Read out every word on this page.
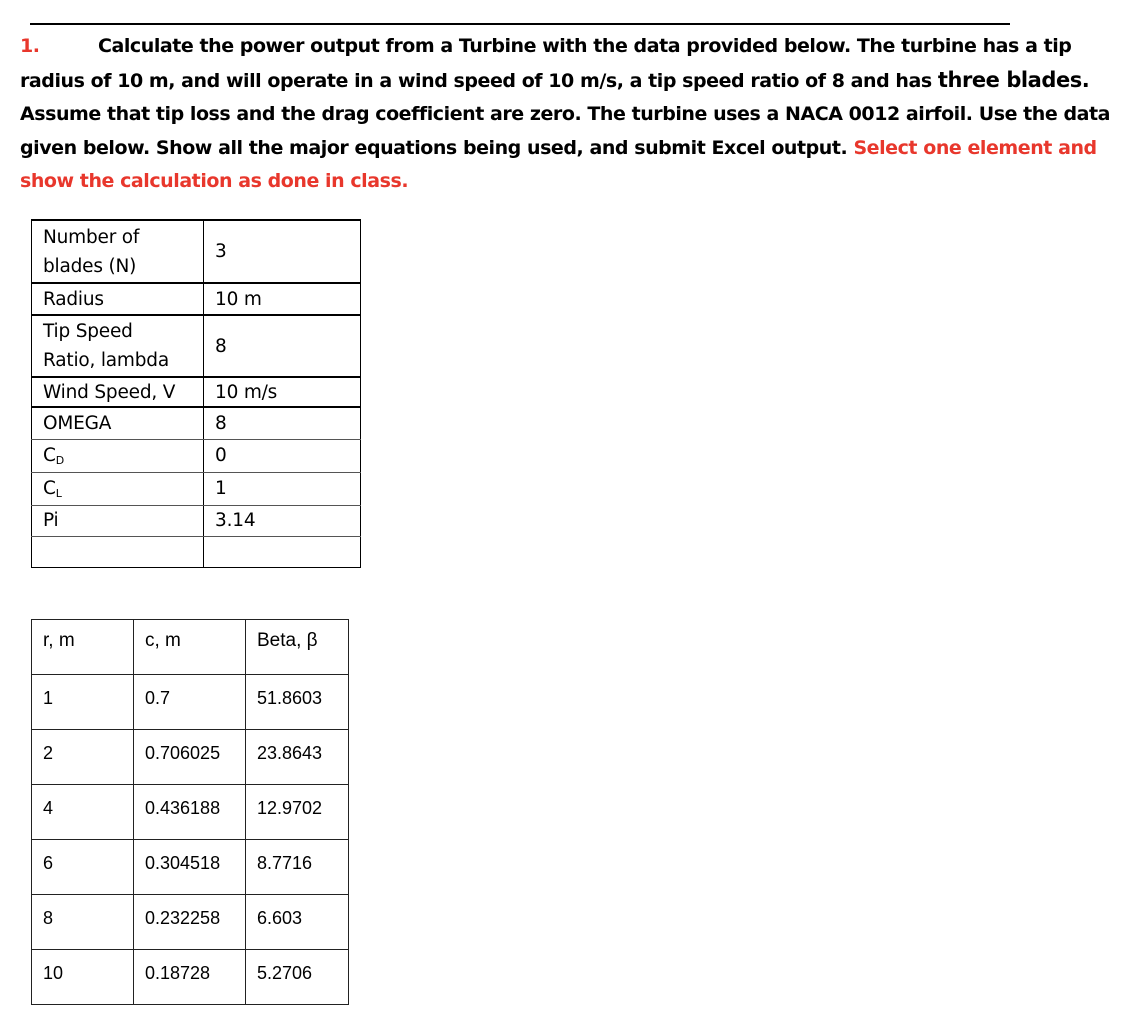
1.	Calculate the power output from a Turbine with the data provided below. The turbine has a tip radius of 10 m, and will operate in a wind speed of 10 m/s, a tip speed ratio of 8 and has three blades. Assume that tip loss and the drag coefficient are zero. The turbine uses a NACA 0012 airfoil. Use the data given below. Show all the major equations being used, and submit Excel output. Select one element and show the calculation as done in class.
Number of blades (N)	3
Radius	10 m

Tip Speed Ratio, lambda	8
Wind Speed, V	10 m/s
OMEGA	8
$C_D$	0
$C_L$	1
Pi	3.14

r, m	c, m	Beta, β
1	0.7	51.8603
2	0.706025	23.8643
4	0.436188	12.9702
6	0.304518	8.7716
8	0.232258	6.603
10	0.18728	5.2706
